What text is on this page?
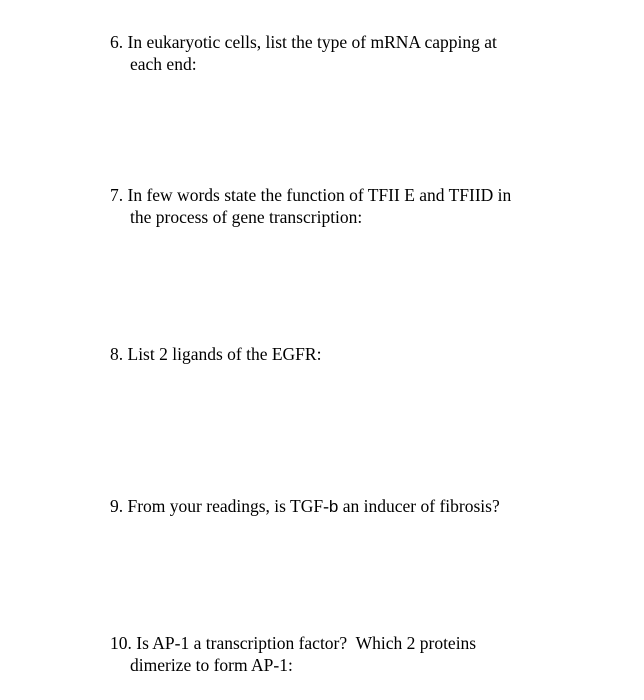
6. In eukaryotic cells, list the type of mRNA capping at
each end:
7. In few words state the function of TFII E and TFIID in
the process of gene transcription:
8. List 2 ligands of the EGFR:
9. From your readings, is TGF-b an inducer of fibrosis?
10. Is AP-1 a transcription factor?  Which 2 proteins
dimerize to form AP-1:
